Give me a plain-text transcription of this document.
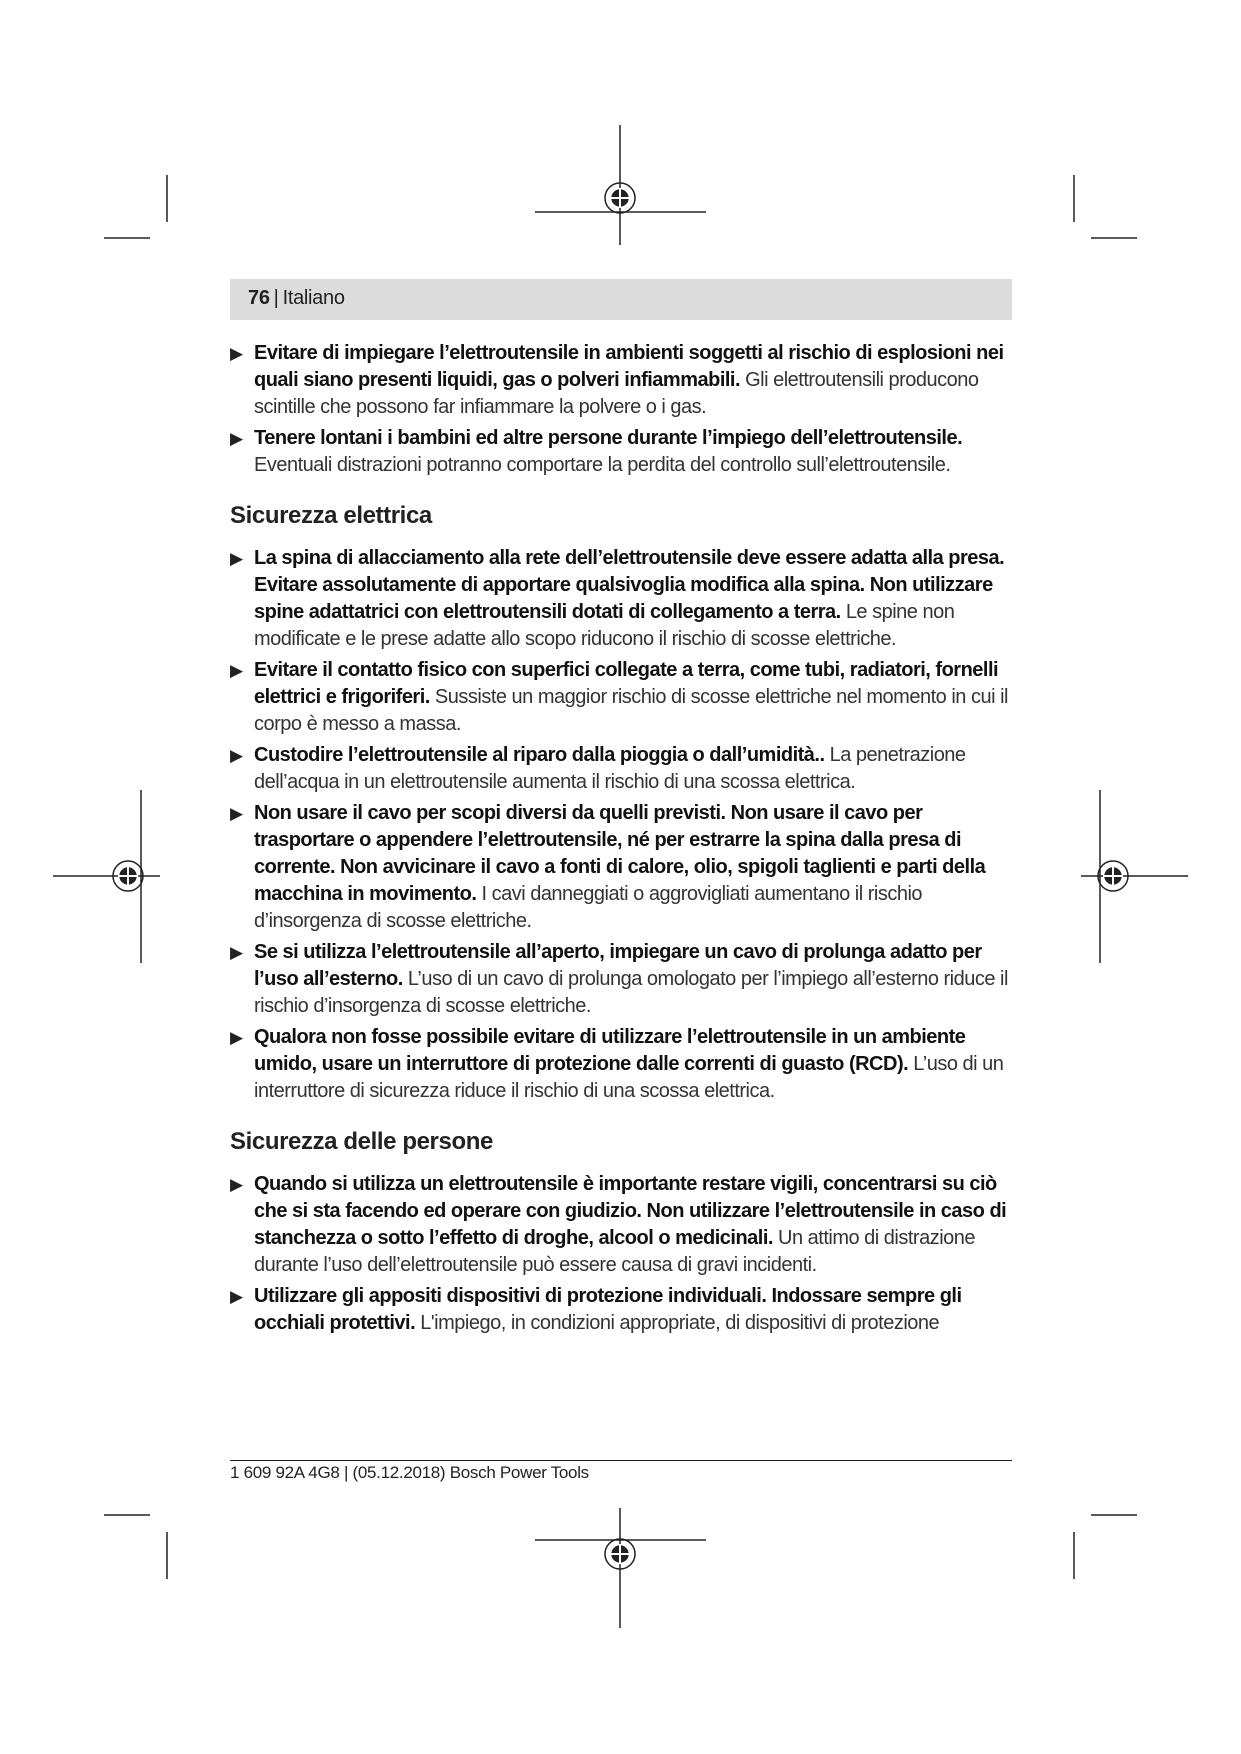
76 | Italiano
▶ Evitare di impiegare l’elettroutensile in ambienti soggetti al rischio di esplosioni nei quali siano presenti liquidi, gas o polveri infiammabili. Gli elettroutensili producono scintille che possono far infiammare la polvere o i gas.
▶ Tenere lontani i bambini ed altre persone durante l’impiego dell’elettroutensile. Eventuali distrazioni potranno comportare la perdita del controllo sull’elettroutensile.
Sicurezza elettrica
▶ La spina di allacciamento alla rete dell’elettroutensile deve essere adatta alla presa. Evitare assolutamente di apportare qualsivoglia modifica alla spina. Non utilizzare spine adattatrici con elettroutensili dotati di collegamento a terra. Le spine non modificate e le prese adatte allo scopo riducono il rischio di scosse elettriche.
▶ Evitare il contatto fisico con superfici collegate a terra, come tubi, radiatori, fornelli elettrici e frigoriferi. Sussiste un maggior rischio di scosse elettriche nel momento in cui il corpo è messo a massa.
▶ Custodire l’elettroutensile al riparo dalla pioggia o dall’umidità.. La penetrazione dell’acqua in un elettroutensile aumenta il rischio di una scossa elettrica.
▶ Non usare il cavo per scopi diversi da quelli previsti. Non usare il cavo per trasportare o appendere l’elettroutensile, né per estrarre la spina dalla presa di corrente. Non avvicinare il cavo a fonti di calore, olio, spigoli taglienti e parti della macchina in movimento. I cavi danneggiati o aggrovigliati aumentano il rischio d’insorgenza di scosse elettriche.
▶ Se si utilizza l’elettroutensile all’aperto, impiegare un cavo di prolunga adatto per l’uso all’esterno. L’uso di un cavo di prolunga omologato per l’impiego all’esterno riduce il rischio d’insorgenza di scosse elettriche.
▶ Qualora non fosse possibile evitare di utilizzare l’elettroutensile in un ambiente umido, usare un interruttore di protezione dalle correnti di guasto (RCD). L’uso di un interruttore di sicurezza riduce il rischio di una scossa elettrica.
Sicurezza delle persone
▶ Quando si utilizza un elettroutensile è importante restare vigili, concentrarsi su ciò che si sta facendo ed operare con giudizio. Non utilizzare l’elettroutensile in caso di stanchezza o sotto l’effetto di droghe, alcool o medicinali. Un attimo di distrazione durante l’uso dell’elettroutensile può essere causa di gravi incidenti.
▶ Utilizzare gli appositi dispositivi di protezione individuali. Indossare sempre gli occhiali protettivi. L'impiego, in condizioni appropriate, di dispositivi di protezione
1 609 92A 4G8 | (05.12.2018) Bosch Power Tools
